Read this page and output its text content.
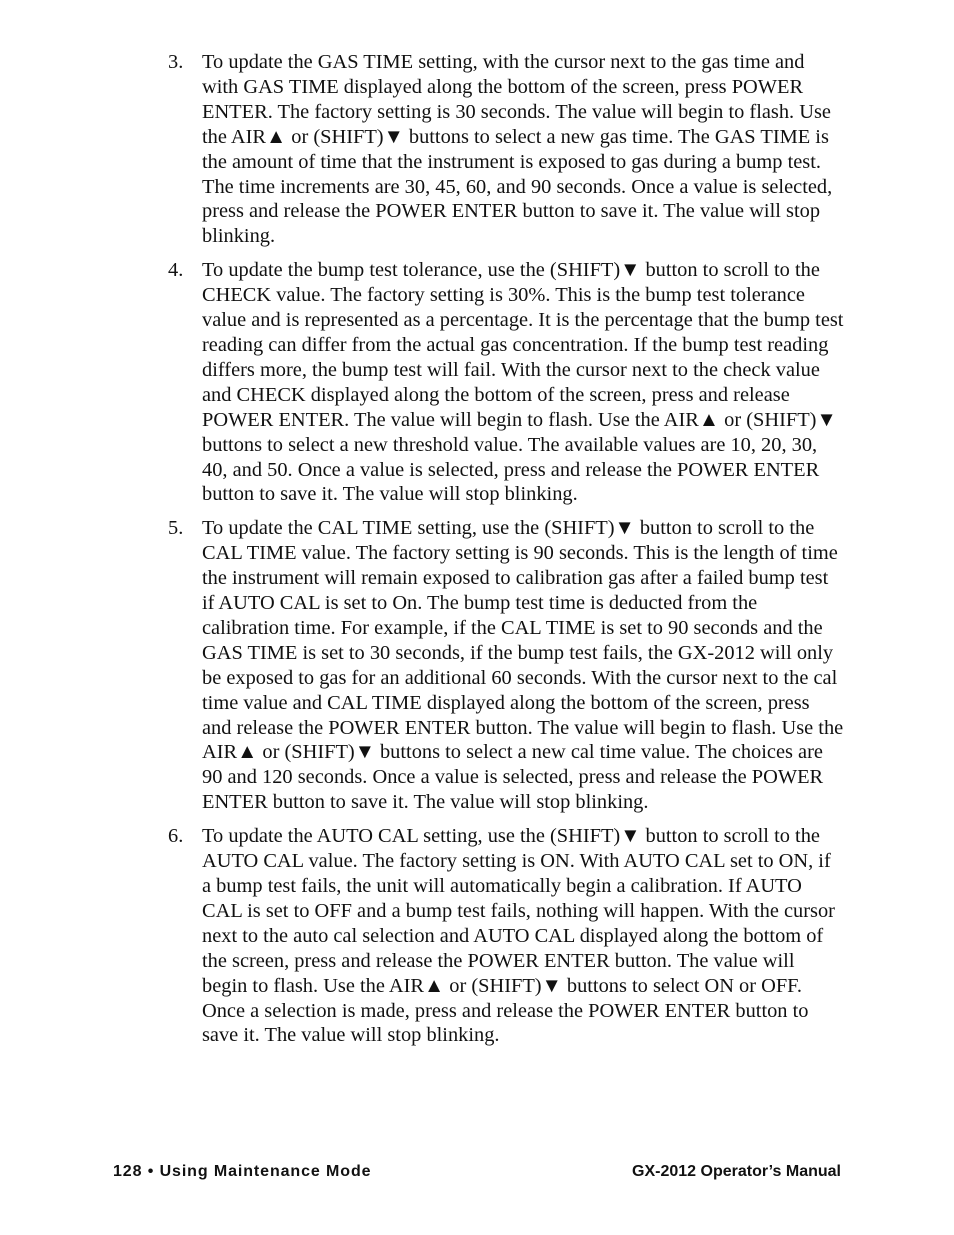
3. To update the GAS TIME setting, with the cursor next to the gas time and with GAS TIME displayed along the bottom of the screen, press POWER ENTER. The factory setting is 30 seconds. The value will begin to flash. Use the AIR▲ or (SHIFT)▼ buttons to select a new gas time. The GAS TIME is the amount of time that the instrument is exposed to gas during a bump test. The time increments are 30, 45, 60, and 90 seconds. Once a value is selected, press and release the POWER ENTER button to save it. The value will stop blinking.
4. To update the bump test tolerance, use the (SHIFT)▼ button to scroll to the CHECK value. The factory setting is 30%. This is the bump test tolerance value and is represented as a percentage. It is the percentage that the bump test reading can differ from the actual gas concentration. If the bump test reading differs more, the bump test will fail. With the cursor next to the check value and CHECK displayed along the bottom of the screen, press and release POWER ENTER. The value will begin to flash. Use the AIR▲ or (SHIFT)▼ buttons to select a new threshold value. The available values are 10, 20, 30, 40, and 50. Once a value is selected, press and release the POWER ENTER button to save it. The value will stop blinking.
5. To update the CAL TIME setting, use the (SHIFT)▼ button to scroll to the CAL TIME value. The factory setting is 90 seconds. This is the length of time the instrument will remain exposed to calibration gas after a failed bump test if AUTO CAL is set to On. The bump test time is deducted from the calibration time. For example, if the CAL TIME is set to 90 seconds and the GAS TIME is set to 30 seconds, if the bump test fails, the GX-2012 will only be exposed to gas for an additional 60 seconds. With the cursor next to the cal time value and CAL TIME displayed along the bottom of the screen, press and release the POWER ENTER button. The value will begin to flash. Use the AIR▲ or (SHIFT)▼ buttons to select a new cal time value. The choices are 90 and 120 seconds. Once a value is selected, press and release the POWER ENTER button to save it. The value will stop blinking.
6. To update the AUTO CAL setting, use the (SHIFT)▼ button to scroll to the AUTO CAL value. The factory setting is ON. With AUTO CAL set to ON, if a bump test fails, the unit will automatically begin a calibration. If AUTO CAL is set to OFF and a bump test fails, nothing will happen. With the cursor next to the auto cal selection and AUTO CAL displayed along the bottom of the screen, press and release the POWER ENTER button. The value will begin to flash. Use the AIR▲ or (SHIFT)▼ buttons to select ON or OFF. Once a selection is made, press and release the POWER ENTER button to save it. The value will stop blinking.
128 • Using Maintenance Mode	GX-2012 Operator’s Manual
